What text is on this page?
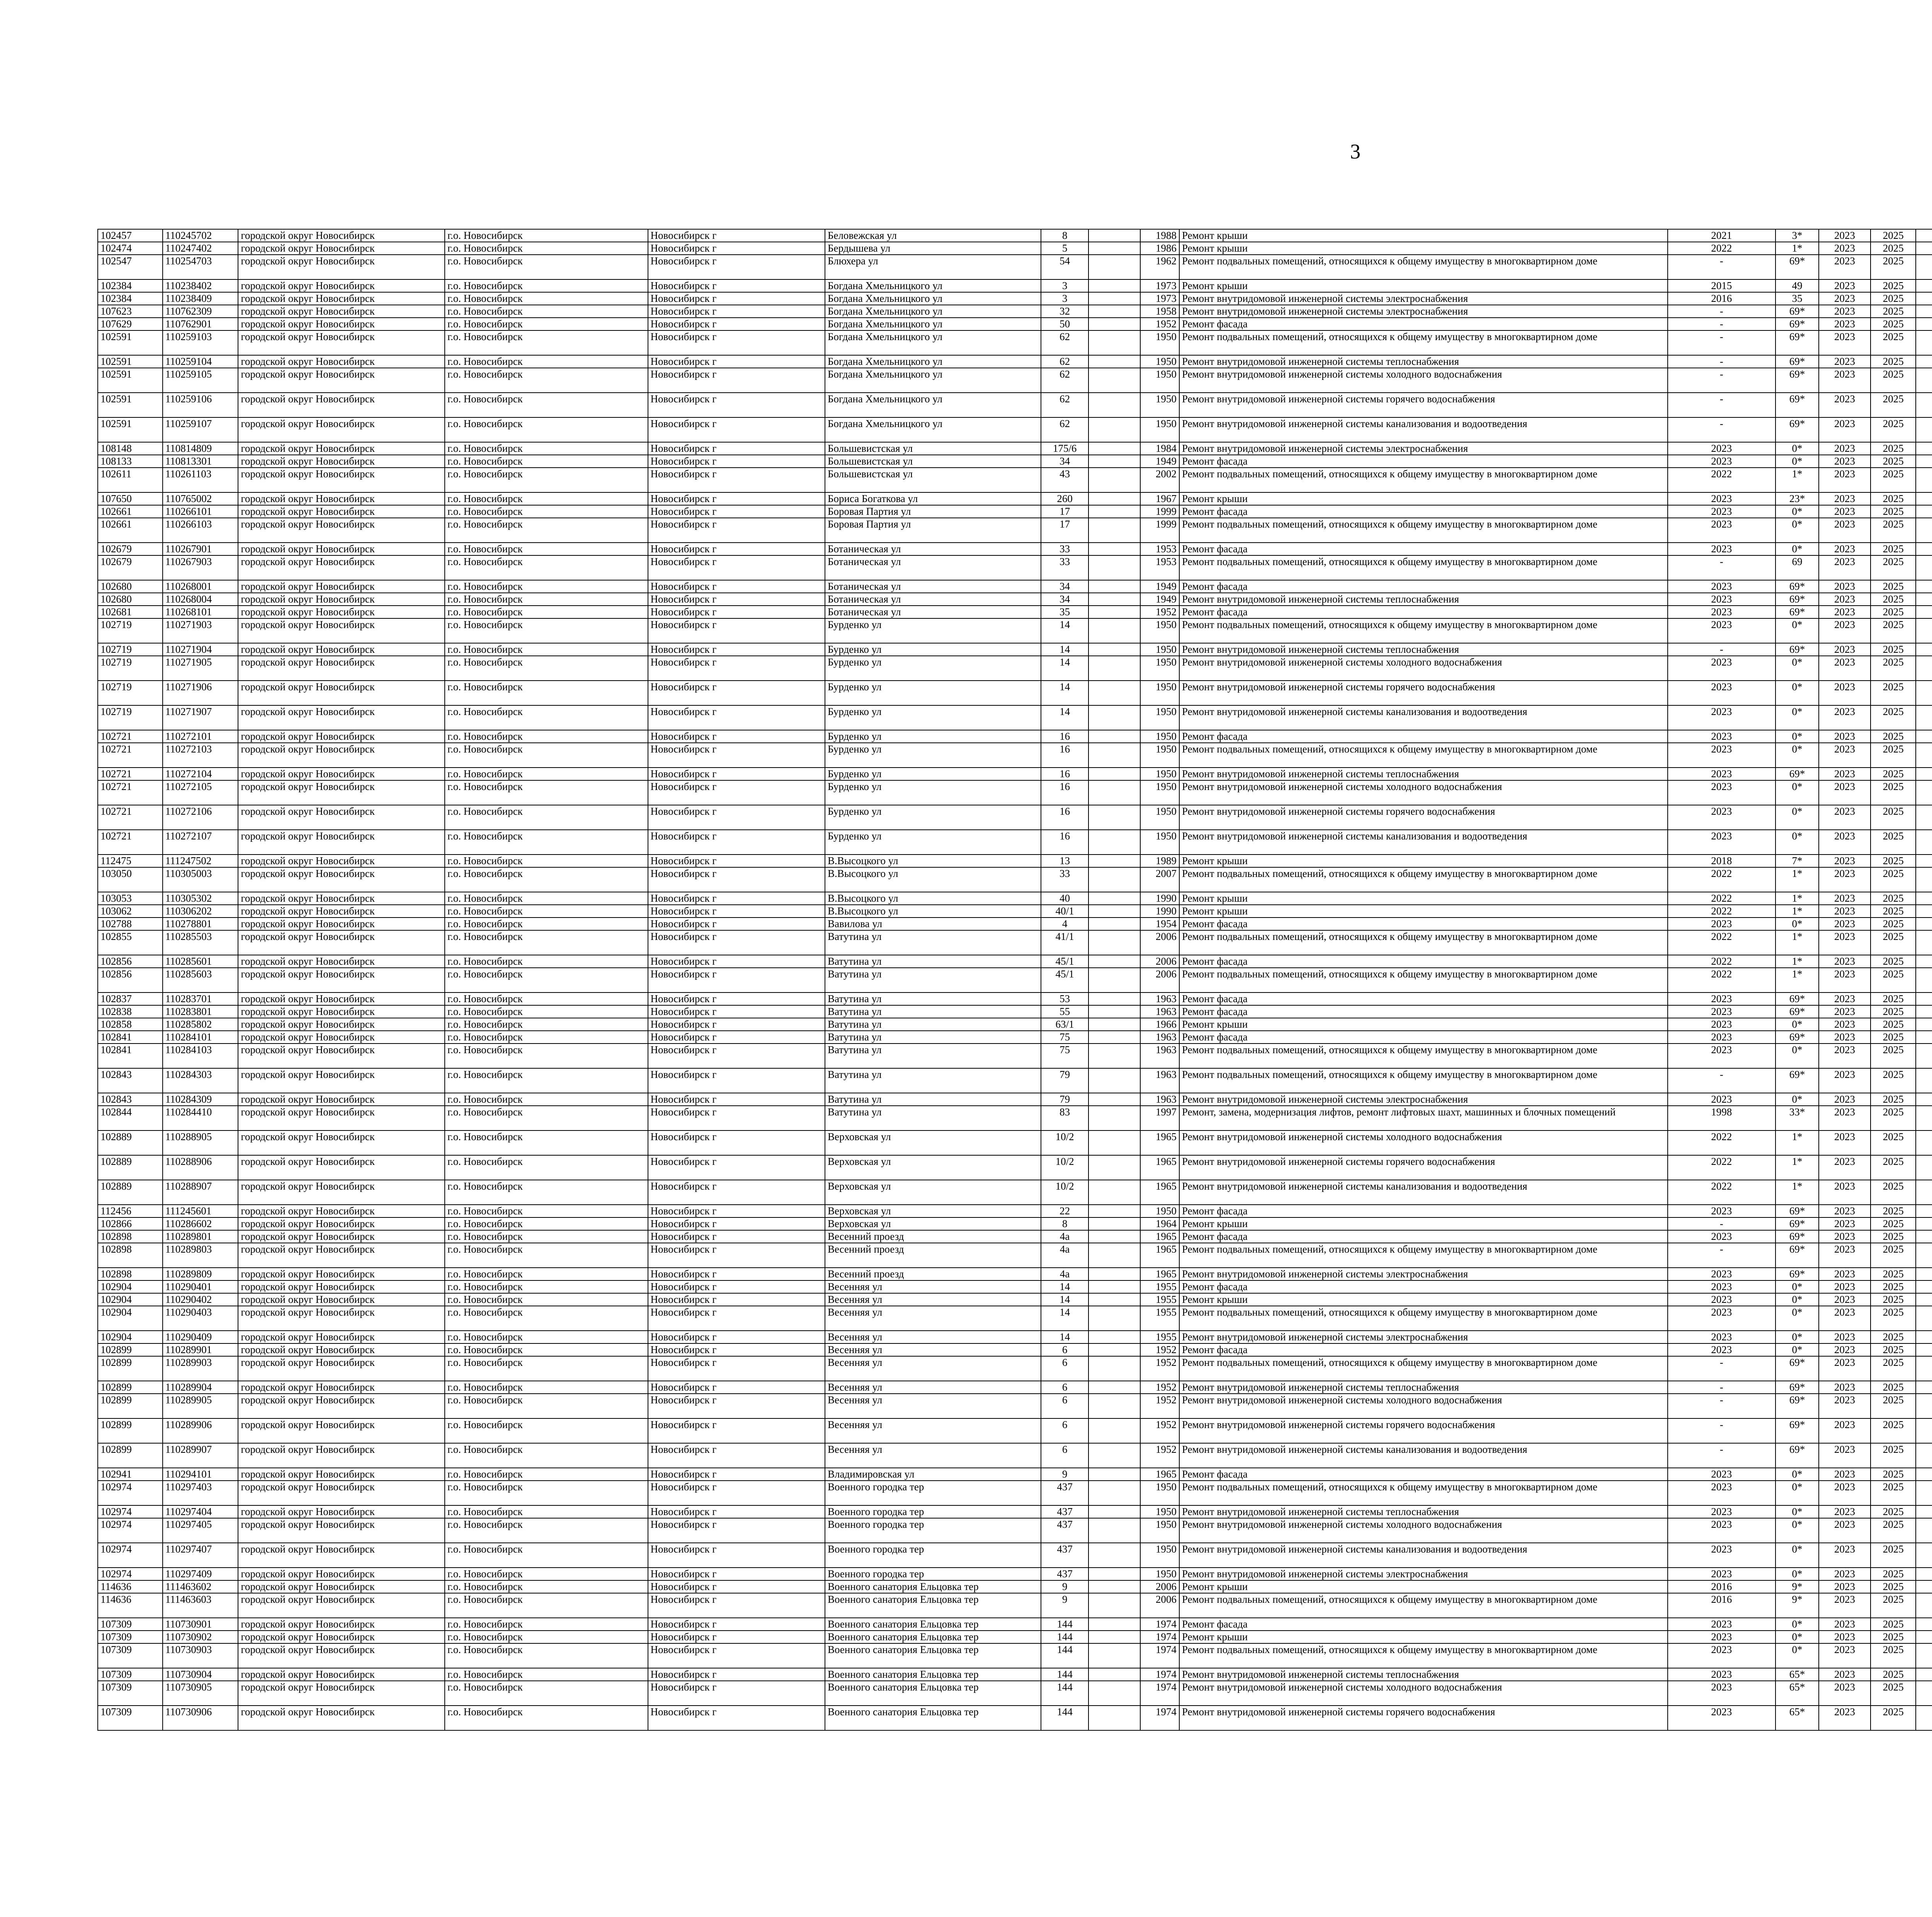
3
102457	110245702	городской округ Новосибирск	г.о. Новосибирск	Новосибирск г	Беловежская ул	8		1988	Ремонт крыши	2021	3*	2023	2025							
102474	110247402	городской округ Новосибирск	г.о. Новосибирск	Новосибирск г	Бердышева ул	5		1986	Ремонт крыши	2022	1*	2023	2025							
102547	110254703	городской округ Новосибирск	г.о. Новосибирск	Новосибирск г	Блюхера ул	54		1962	Ремонт подвальных помещений, относящихся к общему имуществу в многоквартирном доме	-	69*	2023	2025							
102384	110238402	городской округ Новосибирск	г.о. Новосибирск	Новосибирск г	Богдана Хмельницкого ул	3		1973	Ремонт крыши	2015	49	2023	2025							
102384	110238409	городской округ Новосибирск	г.о. Новосибирск	Новосибирск г	Богдана Хмельницкого ул	3		1973	Ремонт внутридомовой инженерной системы электроснабжения	2016	35	2023	2025							
107623	110762309	городской округ Новосибирск	г.о. Новосибирск	Новосибирск г	Богдана Хмельницкого ул	32		1958	Ремонт внутридомовой инженерной системы электроснабжения	-	69*	2023	2025							
107629	110762901	городской округ Новосибирск	г.о. Новосибирск	Новосибирск г	Богдана Хмельницкого ул	50		1952	Ремонт фасада	-	69*	2023	2025							
102591	110259103	городской округ Новосибирск	г.о. Новосибирск	Новосибирск г	Богдана Хмельницкого ул	62		1950	Ремонт подвальных помещений, относящихся к общему имуществу в многоквартирном доме	-	69*	2023	2025							
102591	110259104	городской округ Новосибирск	г.о. Новосибирск	Новосибирск г	Богдана Хмельницкого ул	62		1950	Ремонт внутридомовой инженерной системы теплоснабжения	-	69*	2023	2025							
102591	110259105	городской округ Новосибирск	г.о. Новосибирск	Новосибирск г	Богдана Хмельницкого ул	62		1950	Ремонт внутридомовой инженерной системы холодного водоснабжения	-	69*	2023	2025							
102591	110259106	городской округ Новосибирск	г.о. Новосибирск	Новосибирск г	Богдана Хмельницкого ул	62		1950	Ремонт внутридомовой инженерной системы горячего водоснабжения	-	69*	2023	2025							
102591	110259107	городской округ Новосибирск	г.о. Новосибирск	Новосибирск г	Богдана Хмельницкого ул	62		1950	Ремонт внутридомовой инженерной системы канализования и водоотведения	-	69*	2023	2025							
108148	110814809	городской округ Новосибирск	г.о. Новосибирск	Новосибирск г	Большевистская ул	175/6		1984	Ремонт внутридомовой инженерной системы электроснабжения	2023	0*	2023	2025							
108133	110813301	городской округ Новосибирск	г.о. Новосибирск	Новосибирск г	Большевистская ул	34		1949	Ремонт фасада	2023	0*	2023	2025							
102611	110261103	городской округ Новосибирск	г.о. Новосибирск	Новосибирск г	Большевистская ул	43		2002	Ремонт подвальных помещений, относящихся к общему имуществу в многоквартирном доме	2022	1*	2023	2025							
107650	110765002	городской округ Новосибирск	г.о. Новосибирск	Новосибирск г	Бориса Богаткова ул	260		1967	Ремонт крыши	2023	23*	2023	2025							
102661	110266101	городской округ Новосибирск	г.о. Новосибирск	Новосибирск г	Боровая Партия ул	17		1999	Ремонт фасада	2023	0*	2023	2025							
102661	110266103	городской округ Новосибирск	г.о. Новосибирск	Новосибирск г	Боровая Партия ул	17		1999	Ремонт подвальных помещений, относящихся к общему имуществу в многоквартирном доме	2023	0*	2023	2025							
102679	110267901	городской округ Новосибирск	г.о. Новосибирск	Новосибирск г	Ботаническая ул	33		1953	Ремонт фасада	2023	0*	2023	2025							
102679	110267903	городской округ Новосибирск	г.о. Новосибирск	Новосибирск г	Ботаническая ул	33		1953	Ремонт подвальных помещений, относящихся к общему имуществу в многоквартирном доме	-	69	2023	2025							
102680	110268001	городской округ Новосибирск	г.о. Новосибирск	Новосибирск г	Ботаническая ул	34		1949	Ремонт фасада	2023	69*	2023	2025							
102680	110268004	городской округ Новосибирск	г.о. Новосибирск	Новосибирск г	Ботаническая ул	34		1949	Ремонт внутридомовой инженерной системы теплоснабжения	2023	69*	2023	2025							
102681	110268101	городской округ Новосибирск	г.о. Новосибирск	Новосибирск г	Ботаническая ул	35		1952	Ремонт фасада	2023	69*	2023	2025							
102719	110271903	городской округ Новосибирск	г.о. Новосибирск	Новосибирск г	Бурденко ул	14		1950	Ремонт подвальных помещений, относящихся к общему имуществу в многоквартирном доме	2023	0*	2023	2025							
102719	110271904	городской округ Новосибирск	г.о. Новосибирск	Новосибирск г	Бурденко ул	14		1950	Ремонт внутридомовой инженерной системы теплоснабжения	-	69*	2023	2025							
102719	110271905	городской округ Новосибирск	г.о. Новосибирск	Новосибирск г	Бурденко ул	14		1950	Ремонт внутридомовой инженерной системы холодного водоснабжения	2023	0*	2023	2025							
102719	110271906	городской округ Новосибирск	г.о. Новосибирск	Новосибирск г	Бурденко ул	14		1950	Ремонт внутридомовой инженерной системы горячего водоснабжения	2023	0*	2023	2025							
102719	110271907	городской округ Новосибирск	г.о. Новосибирск	Новосибирск г	Бурденко ул	14		1950	Ремонт внутридомовой инженерной системы канализования и водоотведения	2023	0*	2023	2025							
102721	110272101	городской округ Новосибирск	г.о. Новосибирск	Новосибирск г	Бурденко ул	16		1950	Ремонт фасада	2023	0*	2023	2025							
102721	110272103	городской округ Новосибирск	г.о. Новосибирск	Новосибирск г	Бурденко ул	16		1950	Ремонт подвальных помещений, относящихся к общему имуществу в многоквартирном доме	2023	0*	2023	2025							
102721	110272104	городской округ Новосибирск	г.о. Новосибирск	Новосибирск г	Бурденко ул	16		1950	Ремонт внутридомовой инженерной системы теплоснабжения	2023	69*	2023	2025							
102721	110272105	городской округ Новосибирск	г.о. Новосибирск	Новосибирск г	Бурденко ул	16		1950	Ремонт внутридомовой инженерной системы холодного водоснабжения	2023	0*	2023	2025							
102721	110272106	городской округ Новосибирск	г.о. Новосибирск	Новосибирск г	Бурденко ул	16		1950	Ремонт внутридомовой инженерной системы горячего водоснабжения	2023	0*	2023	2025							
102721	110272107	городской округ Новосибирск	г.о. Новосибирск	Новосибирск г	Бурденко ул	16		1950	Ремонт внутридомовой инженерной системы канализования и водоотведения	2023	0*	2023	2025							
112475	111247502	городской округ Новосибирск	г.о. Новосибирск	Новосибирск г	В.Высоцкого ул	13		1989	Ремонт крыши	2018	7*	2023	2025							
103050	110305003	городской округ Новосибирск	г.о. Новосибирск	Новосибирск г	В.Высоцкого ул	33		2007	Ремонт подвальных помещений, относящихся к общему имуществу в многоквартирном доме	2022	1*	2023	2025							
103053	110305302	городской округ Новосибирск	г.о. Новосибирск	Новосибирск г	В.Высоцкого ул	40		1990	Ремонт крыши	2022	1*	2023	2025							
103062	110306202	городской округ Новосибирск	г.о. Новосибирск	Новосибирск г	В.Высоцкого ул	40/1		1990	Ремонт крыши	2022	1*	2023	2025							
102788	110278801	городской округ Новосибирск	г.о. Новосибирск	Новосибирск г	Вавилова ул	4		1954	Ремонт фасада	2023	0*	2023	2025							
102855	110285503	городской округ Новосибирск	г.о. Новосибирск	Новосибирск г	Ватутина ул	41/1		2006	Ремонт подвальных помещений, относящихся к общему имуществу в многоквартирном доме	2022	1*	2023	2025							
102856	110285601	городской округ Новосибирск	г.о. Новосибирск	Новосибирск г	Ватутина ул	45/1		2006	Ремонт фасада	2022	1*	2023	2025							
102856	110285603	городской округ Новосибирск	г.о. Новосибирск	Новосибирск г	Ватутина ул	45/1		2006	Ремонт подвальных помещений, относящихся к общему имуществу в многоквартирном доме	2022	1*	2023	2025							
102837	110283701	городской округ Новосибирск	г.о. Новосибирск	Новосибирск г	Ватутина ул	53		1963	Ремонт фасада	2023	69*	2023	2025							
102838	110283801	городской округ Новосибирск	г.о. Новосибирск	Новосибирск г	Ватутина ул	55		1963	Ремонт фасада	2023	69*	2023	2025							
102858	110285802	городской округ Новосибирск	г.о. Новосибирск	Новосибирск г	Ватутина ул	63/1		1966	Ремонт крыши	2023	0*	2023	2025							
102841	110284101	городской округ Новосибирск	г.о. Новосибирск	Новосибирск г	Ватутина ул	75		1963	Ремонт фасада	2023	69*	2023	2025							
102841	110284103	городской округ Новосибирск	г.о. Новосибирск	Новосибирск г	Ватутина ул	75		1963	Ремонт подвальных помещений, относящихся к общему имуществу в многоквартирном доме	2023	0*	2023	2025							
102843	110284303	городской округ Новосибирск	г.о. Новосибирск	Новосибирск г	Ватутина ул	79		1963	Ремонт подвальных помещений, относящихся к общему имуществу в многоквартирном доме	-	69*	2023	2025							
102843	110284309	городской округ Новосибирск	г.о. Новосибирск	Новосибирск г	Ватутина ул	79		1963	Ремонт внутридомовой инженерной системы электроснабжения	2023	0*	2023	2025							
102844	110284410	городской округ Новосибирск	г.о. Новосибирск	Новосибирск г	Ватутина ул	83		1997	Ремонт, замена, модернизация лифтов, ремонт лифтовых шахт, машинных и блочных помещений	1998	33*	2023	2025							
102889	110288905	городской округ Новосибирск	г.о. Новосибирск	Новосибирск г	Верховская ул	10/2		1965	Ремонт внутридомовой инженерной системы холодного водоснабжения	2022	1*	2023	2025							
102889	110288906	городской округ Новосибирск	г.о. Новосибирск	Новосибирск г	Верховская ул	10/2		1965	Ремонт внутридомовой инженерной системы горячего водоснабжения	2022	1*	2023	2025							
102889	110288907	городской округ Новосибирск	г.о. Новосибирск	Новосибирск г	Верховская ул	10/2		1965	Ремонт внутридомовой инженерной системы канализования и водоотведения	2022	1*	2023	2025							
112456	111245601	городской округ Новосибирск	г.о. Новосибирск	Новосибирск г	Верховская ул	22		1950	Ремонт фасада	2023	69*	2023	2025							
102866	110286602	городской округ Новосибирск	г.о. Новосибирск	Новосибирск г	Верховская ул	8		1964	Ремонт крыши	-	69*	2023	2025							
102898	110289801	городской округ Новосибирск	г.о. Новосибирск	Новосибирск г	Весенний проезд	4а		1965	Ремонт фасада	2023	69*	2023	2025							
102898	110289803	городской округ Новосибирск	г.о. Новосибирск	Новосибирск г	Весенний проезд	4а		1965	Ремонт подвальных помещений, относящихся к общему имуществу в многоквартирном доме	-	69*	2023	2025							
102898	110289809	городской округ Новосибирск	г.о. Новосибирск	Новосибирск г	Весенний проезд	4а		1965	Ремонт внутридомовой инженерной системы электроснабжения	2023	69*	2023	2025							
102904	110290401	городской округ Новосибирск	г.о. Новосибирск	Новосибирск г	Весенняя ул	14		1955	Ремонт фасада	2023	0*	2023	2025							
102904	110290402	городской округ Новосибирск	г.о. Новосибирск	Новосибирск г	Весенняя ул	14		1955	Ремонт крыши	2023	0*	2023	2025							
102904	110290403	городской округ Новосибирск	г.о. Новосибирск	Новосибирск г	Весенняя ул	14		1955	Ремонт подвальных помещений, относящихся к общему имуществу в многоквартирном доме	2023	0*	2023	2025							
102904	110290409	городской округ Новосибирск	г.о. Новосибирск	Новосибирск г	Весенняя ул	14		1955	Ремонт внутридомовой инженерной системы электроснабжения	2023	0*	2023	2025							
102899	110289901	городской округ Новосибирск	г.о. Новосибирск	Новосибирск г	Весенняя ул	6		1952	Ремонт фасада	2023	0*	2023	2025							
102899	110289903	городской округ Новосибирск	г.о. Новосибирск	Новосибирск г	Весенняя ул	6		1952	Ремонт подвальных помещений, относящихся к общему имуществу в многоквартирном доме	-	69*	2023	2025							
102899	110289904	городской округ Новосибирск	г.о. Новосибирск	Новосибирск г	Весенняя ул	6		1952	Ремонт внутридомовой инженерной системы теплоснабжения	-	69*	2023	2025							
102899	110289905	городской округ Новосибирск	г.о. Новосибирск	Новосибирск г	Весенняя ул	6		1952	Ремонт внутридомовой инженерной системы холодного водоснабжения	-	69*	2023	2025							
102899	110289906	городской округ Новосибирск	г.о. Новосибирск	Новосибирск г	Весенняя ул	6		1952	Ремонт внутридомовой инженерной системы горячего водоснабжения	-	69*	2023	2025							
102899	110289907	городской округ Новосибирск	г.о. Новосибирск	Новосибирск г	Весенняя ул	6		1952	Ремонт внутридомовой инженерной системы канализования и водоотведения	-	69*	2023	2025							
102941	110294101	городской округ Новосибирск	г.о. Новосибирск	Новосибирск г	Владимировская ул	9		1965	Ремонт фасада	2023	0*	2023	2025							
102974	110297403	городской округ Новосибирск	г.о. Новосибирск	Новосибирск г	Военного городка тер	437		1950	Ремонт подвальных помещений, относящихся к общему имуществу в многоквартирном доме	2023	0*	2023	2025							
102974	110297404	городской округ Новосибирск	г.о. Новосибирск	Новосибирск г	Военного городка тер	437		1950	Ремонт внутридомовой инженерной системы теплоснабжения	2023	0*	2023	2025							
102974	110297405	городской округ Новосибирск	г.о. Новосибирск	Новосибирск г	Военного городка тер	437		1950	Ремонт внутридомовой инженерной системы холодного водоснабжения	2023	0*	2023	2025							
102974	110297407	городской округ Новосибирск	г.о. Новосибирск	Новосибирск г	Военного городка тер	437		1950	Ремонт внутридомовой инженерной системы канализования и водоотведения	2023	0*	2023	2025							
102974	110297409	городской округ Новосибирск	г.о. Новосибирск	Новосибирск г	Военного городка тер	437		1950	Ремонт внутридомовой инженерной системы электроснабжения	2023	0*	2023	2025							
114636	111463602	городской округ Новосибирск	г.о. Новосибирск	Новосибирск г	Военного санатория Ельцовка тер	9		2006	Ремонт крыши	2016	9*	2023	2025							
114636	111463603	городской округ Новосибирск	г.о. Новосибирск	Новосибирск г	Военного санатория Ельцовка тер	9		2006	Ремонт подвальных помещений, относящихся к общему имуществу в многоквартирном доме	2016	9*	2023	2025							
107309	110730901	городской округ Новосибирск	г.о. Новосибирск	Новосибирск г	Военного санатория Ельцовка тер	144		1974	Ремонт фасада	2023	0*	2023	2025							
107309	110730902	городской округ Новосибирск	г.о. Новосибирск	Новосибирск г	Военного санатория Ельцовка тер	144		1974	Ремонт крыши	2023	0*	2023	2025							
107309	110730903	городской округ Новосибирск	г.о. Новосибирск	Новосибирск г	Военного санатория Ельцовка тер	144		1974	Ремонт подвальных помещений, относящихся к общему имуществу в многоквартирном доме	2023	0*	2023	2025							
107309	110730904	городской округ Новосибирск	г.о. Новосибирск	Новосибирск г	Военного санатория Ельцовка тер	144		1974	Ремонт внутридомовой инженерной системы теплоснабжения	2023	65*	2023	2025							
107309	110730905	городской округ Новосибирск	г.о. Новосибирск	Новосибирск г	Военного санатория Ельцовка тер	144		1974	Ремонт внутридомовой инженерной системы холодного водоснабжения	2023	65*	2023	2025							
107309	110730906	городской округ Новосибирск	г.о. Новосибирск	Новосибирск г	Военного санатория Ельцовка тер	144		1974	Ремонт внутридомовой инженерной системы горячего водоснабжения	2023	65*	2023	2025							
